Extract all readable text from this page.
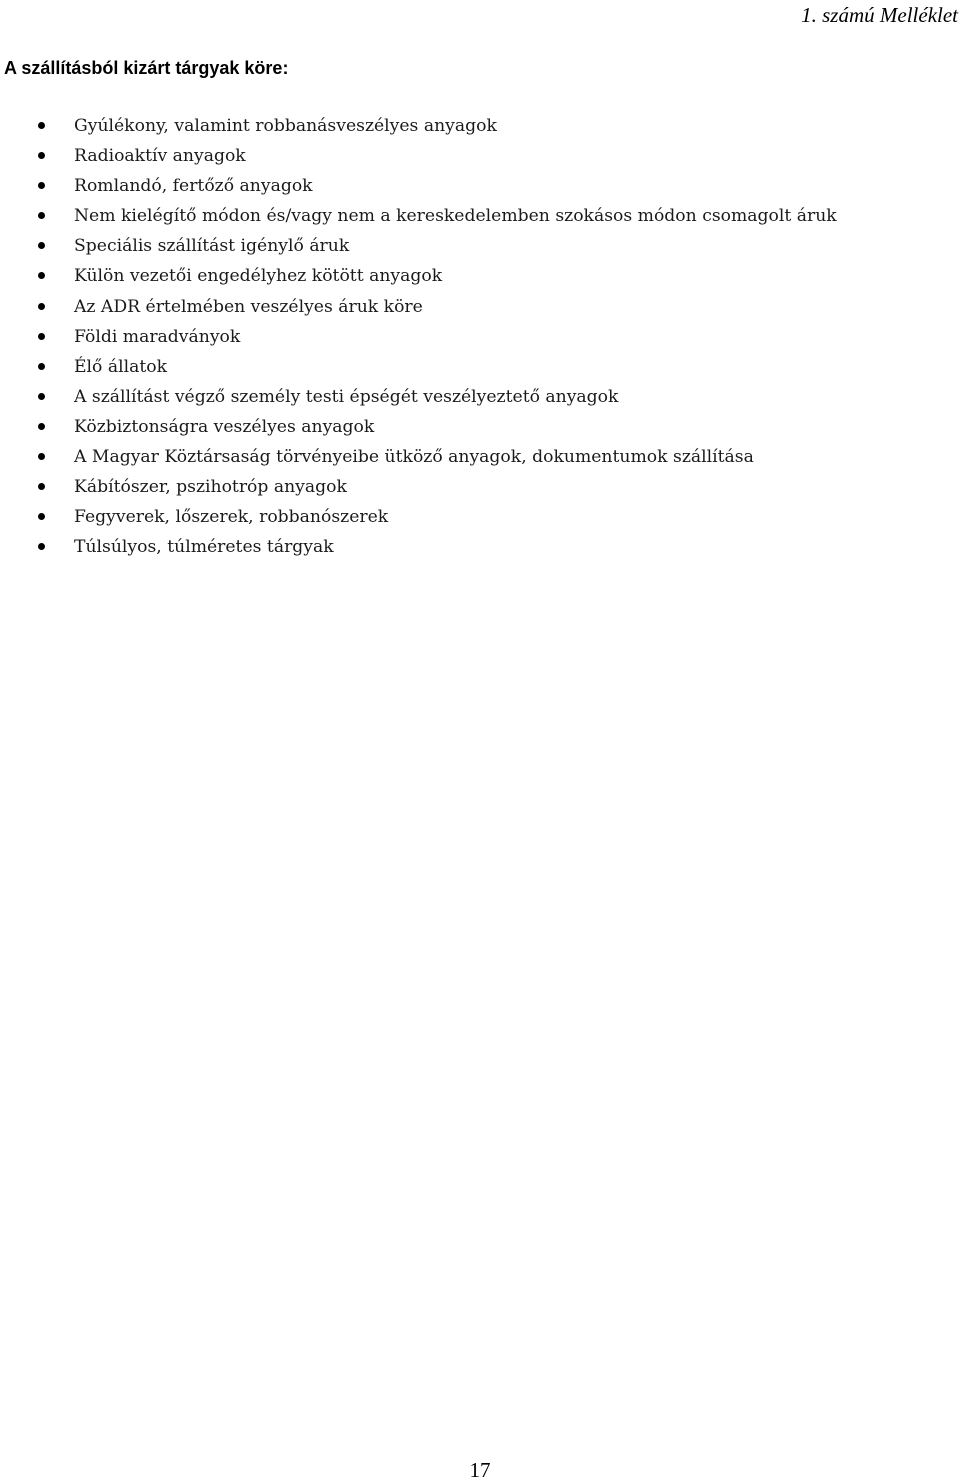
1. számú Melléklet
A szállításból kizárt tárgyak köre:
Gyúlékony, valamint robbanásveszélyes anyagok
Radioaktív anyagok
Romlandó, fertőző anyagok
Nem kielégítő módon és/vagy nem a kereskedelemben szokásos módon csomagolt áruk
Speciális szállítást igénylő áruk
Külön vezetői engedélyhez kötött anyagok
Az ADR értelmében veszélyes áruk köre
Földi maradványok
Élő állatok
A szállítást végző személy testi épségét veszélyeztető anyagok
Közbiztonságra veszélyes anyagok
A Magyar Köztársaság törvényeibe ütköző anyagok, dokumentumok szállítása
Kábítószer, pszihotróp anyagok
Fegyverek, lőszerek, robbanószerek
Túlsúlyos, túlméretes tárgyak
17
